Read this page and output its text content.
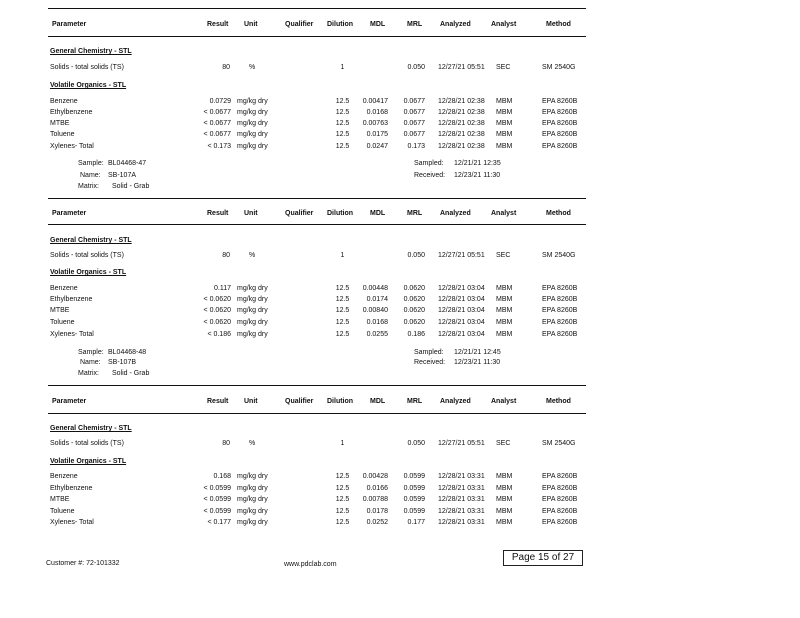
Parameter	Result Unit	Qualifier Dilution MDL	MRL	Analyzed	Analyst	Method
General Chemistry - STL
Solids - total solids (TS)	80	%	1	0.050 12/27/21 05:51 SEC	SM 2540G
Volatile Organics - STL
Benzene	0.0729 mg/kg dry	12.5	0.00417	0.0677 12/28/21 02:38 MBM	EPA 8260B
Ethylbenzene	< 0.0677 mg/kg dry	12.5	0.0168	0.0677 12/28/21 02:38 MBM	EPA 8260B
MTBE	< 0.0677 mg/kg dry	12.5	0.00763	0.0677 12/28/21 02:38 MBM	EPA 8260B
Toluene	< 0.0677 mg/kg dry	12.5	0.0175	0.0677 12/28/21 02:38 MBM	EPA 8260B
Xylenes- Total	< 0.173 mg/kg dry	12.5	0.0247	0.173 12/28/21 02:38 MBM	EPA 8260B
Sample: BL04468-47
Name: SB-107A
Matrix: Solid - Grab
Sampled: 12/21/21 12:35
Received: 12/23/21 11:30
Parameter	Result Unit	Qualifier Dilution MDL	MRL	Analyzed	Analyst	Method
General Chemistry - STL
Solids - total solids (TS)	80	%	1	0.050 12/27/21 05:51 SEC	SM 2540G
Volatile Organics - STL
Benzene	0.117 mg/kg dry	12.5	0.00448	0.0620 12/28/21 03:04 MBM	EPA 8260B
Ethylbenzene	< 0.0620 mg/kg dry	12.5	0.0174	0.0620 12/28/21 03:04 MBM	EPA 8260B
MTBE	< 0.0620 mg/kg dry	12.5	0.00840	0.0620 12/28/21 03:04 MBM	EPA 8260B
Toluene	< 0.0620 mg/kg dry	12.5	0.0168	0.0620 12/28/21 03:04 MBM	EPA 8260B
Xylenes- Total	< 0.186 mg/kg dry	12.5	0.0255	0.186 12/28/21 03:04 MBM	EPA 8260B
Sample: BL04468-48
Name: SB-107B
Matrix: Solid - Grab
Sampled: 12/21/21 12:45
Received: 12/23/21 11:30
Parameter	Result Unit	Qualifier Dilution MDL	MRL	Analyzed	Analyst	Method
General Chemistry - STL
Solids - total solids (TS)	80	%	1	0.050 12/27/21 05:51 SEC	SM 2540G
Volatile Organics - STL
Benzene	0.168 mg/kg dry	12.5	0.00428	0.0599 12/28/21 03:31 MBM	EPA 8260B
Ethylbenzene	< 0.0599 mg/kg dry	12.5	0.0166	0.0599 12/28/21 03:31 MBM	EPA 8260B
MTBE	< 0.0599 mg/kg dry	12.5	0.00788	0.0599 12/28/21 03:31 MBM	EPA 8260B
Toluene	< 0.0599 mg/kg dry	12.5	0.0178	0.0599 12/28/21 03:31 MBM	EPA 8260B
Xylenes- Total	< 0.177 mg/kg dry	12.5	0.0252	0.177 12/28/21 03:31 MBM	EPA 8260B
Customer #: 72-101332	www.pdclab.com
Page 15 of 27
